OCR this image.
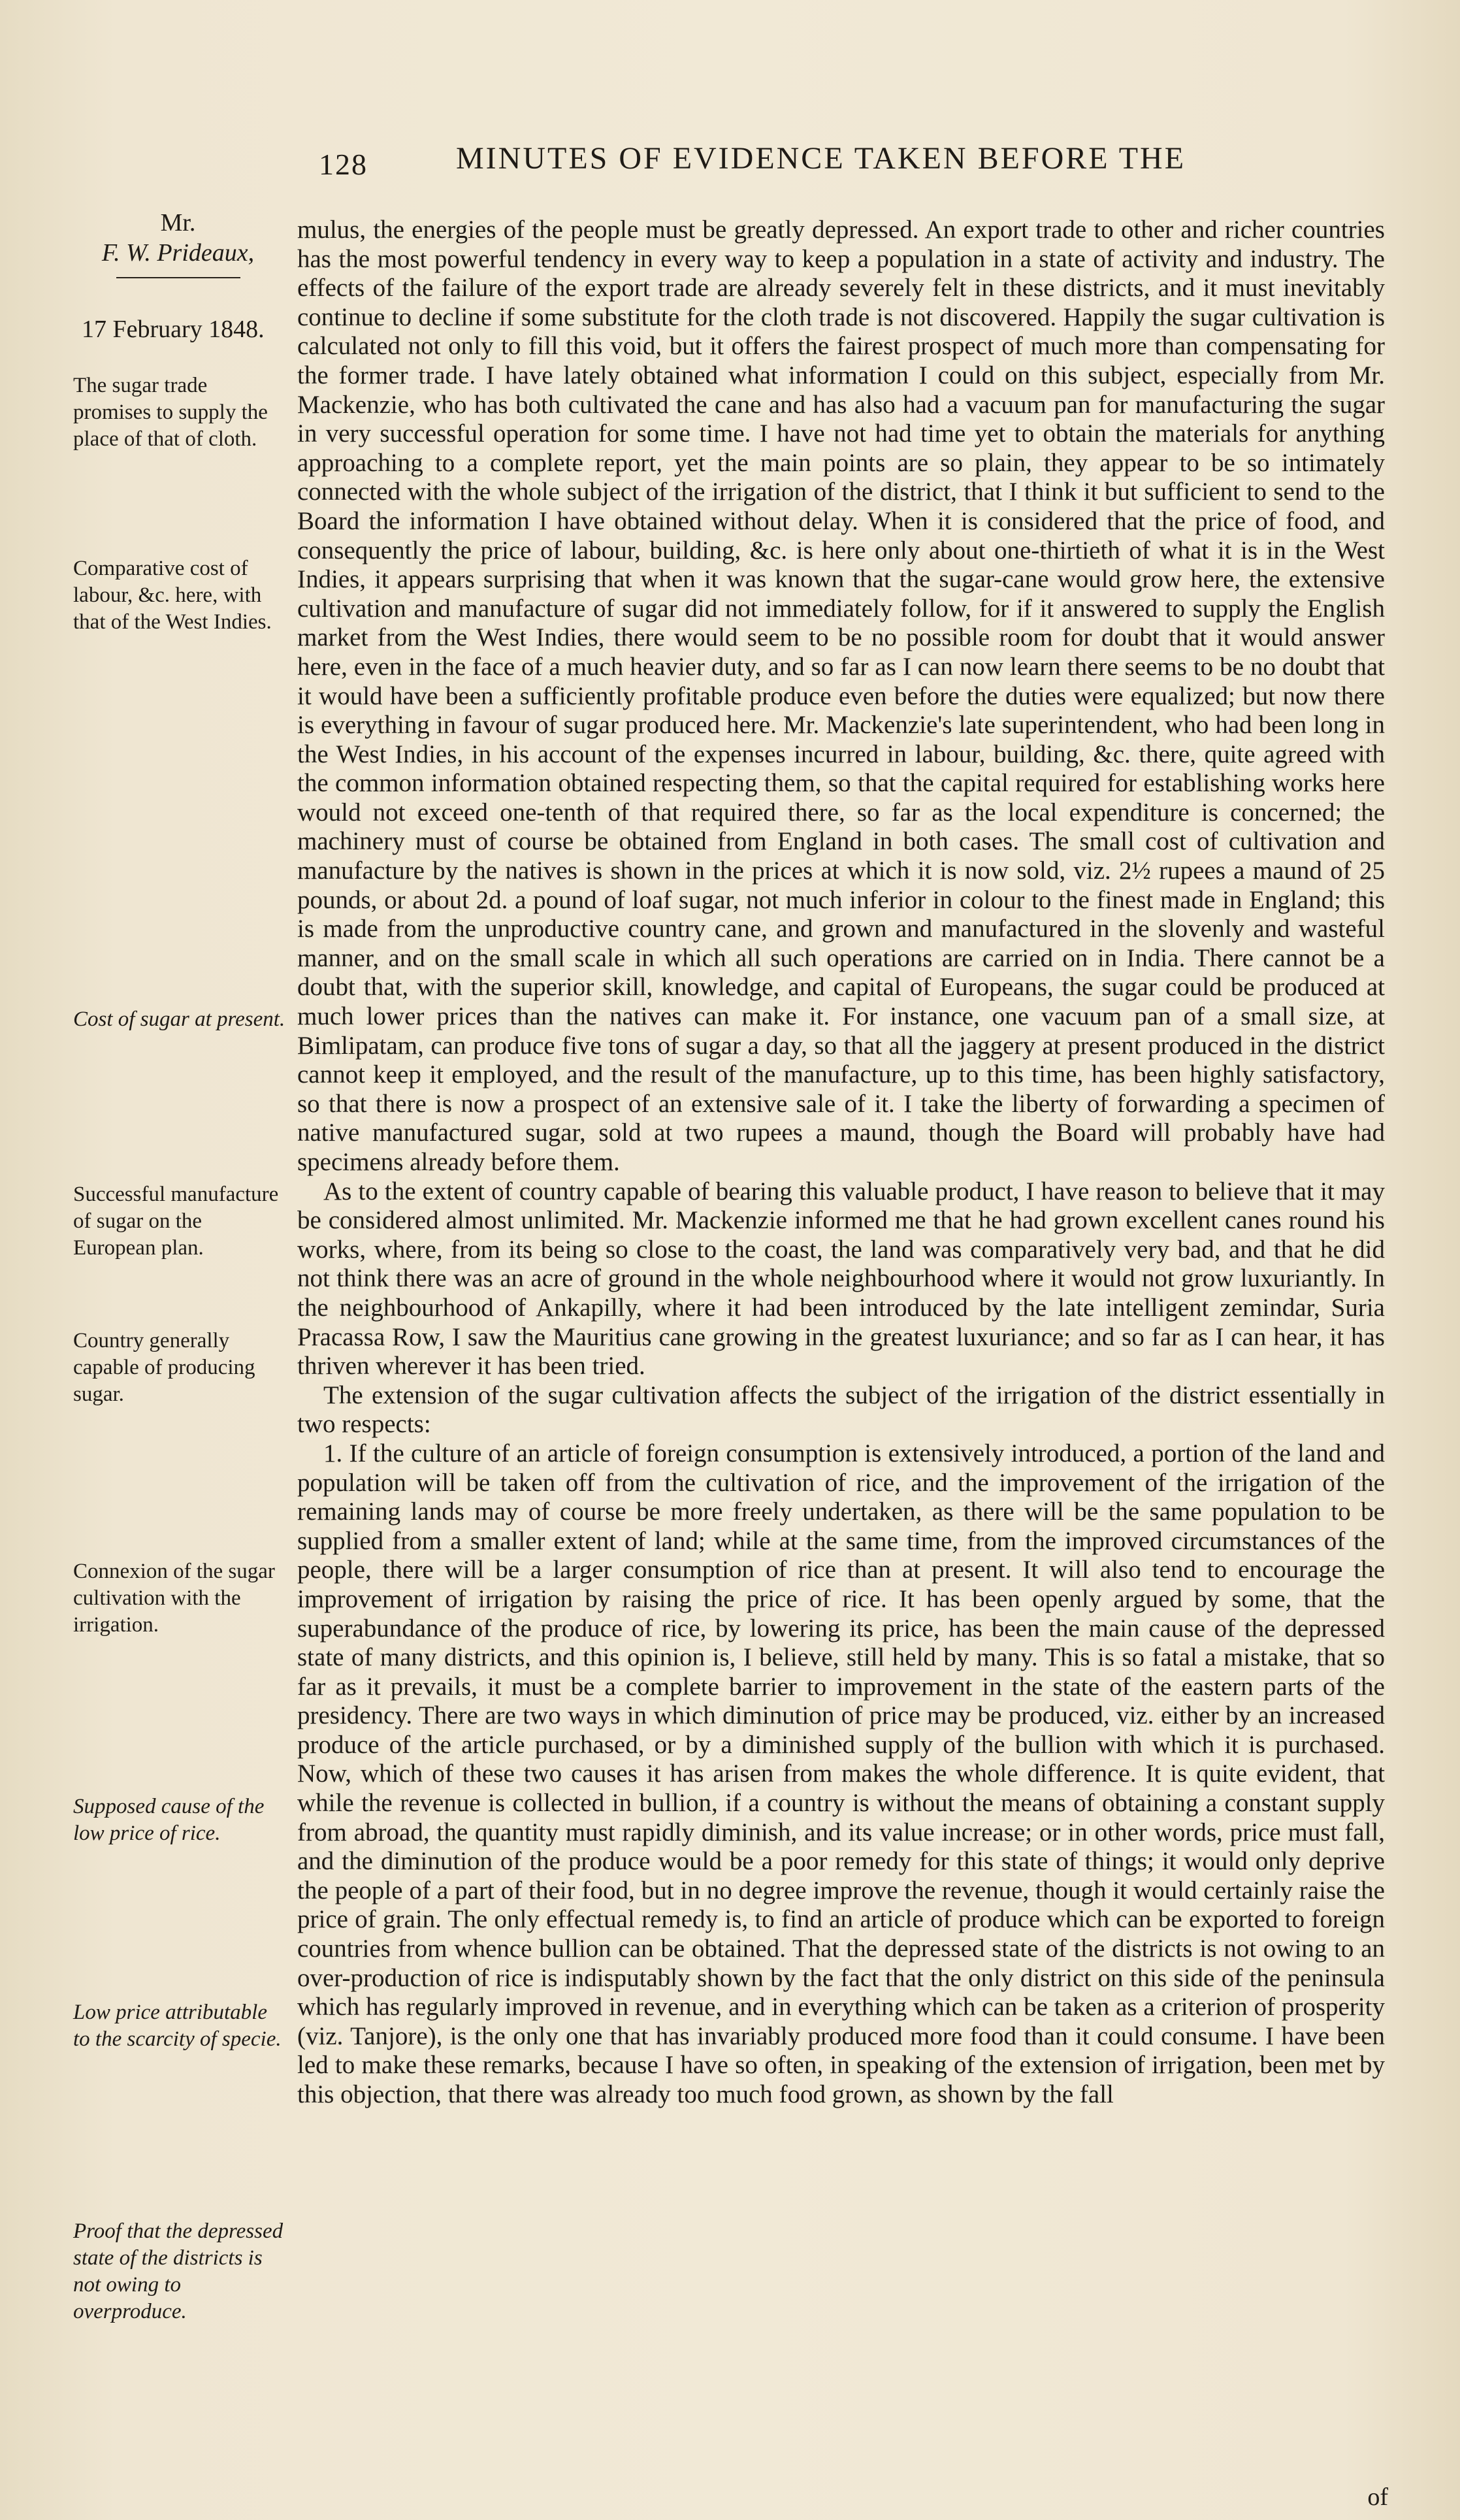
128	MINUTES OF EVIDENCE TAKEN BEFORE THE
Mr.
F. W. Prideaux,
17 February 1848.
The sugar trade promises to supply the place of that of cloth.
Comparative cost of labour, &c. here, with that of the West Indies.
Cost of sugar at present.
Successful manufacture of sugar on the European plan.
Country generally capable of producing sugar.
Connexion of the sugar cultivation with the irrigation.
Supposed cause of the low price of rice.
Low price attributable to the scarcity of specie.
Proof that the depressed state of the districts is not owing to overproduce.

mulus, the energies of the people must be greatly depressed. An export trade to other and richer countries has the most powerful tendency in every way to keep a population in a state of activity and industry. The effects of the failure of the export trade are already severely felt in these districts, and it must inevitably continue to decline if some substitute for the cloth trade is not discovered. Happily the sugar cultivation is calculated not only to fill this void, but it offers the fairest prospect of much more than compensating for the former trade. I have lately obtained what information I could on this subject, especially from Mr. Mackenzie, who has both cultivated the cane and has also had a vacuum pan for manufacturing the sugar in very successful operation for some time. I have not had time yet to obtain the materials for anything approaching to a complete report, yet the main points are so plain, they appear to be so intimately connected with the whole subject of the irrigation of the district, that I think it but sufficient to send to the Board the information I have obtained without delay. When it is considered that the price of food, and consequently the price of labour, building, &c. is here only about one-thirtieth of what it is in the West Indies, it appears surprising that when it was known that the sugar-cane would grow here, the extensive cultivation and manufacture of sugar did not immediately follow, for if it answered to supply the English market from the West Indies, there would seem to be no possible room for doubt that it would answer here, even in the face of a much heavier duty, and so far as I can now learn there seems to be no doubt that it would have been a sufficiently profitable produce even before the duties were equalized; but now there is everything in favour of sugar produced here. Mr. Mackenzie's late superintendent, who had been long in the West Indies, in his account of the expenses incurred in labour, building, &c. there, quite agreed with the common information obtained respecting them, so that the capital required for establishing works here would not exceed one-tenth of that required there, so far as the local expenditure is concerned; the machinery must of course be obtained from England in both cases. The small cost of cultivation and manufacture by the natives is shown in the prices at which it is now sold, viz. 2½ rupees a maund of 25 pounds, or about 2d. a pound of loaf sugar, not much inferior in colour to the finest made in England; this is made from the unproductive country cane, and grown and manufactured in the slovenly and wasteful manner, and on the small scale in which all such operations are carried on in India. There cannot be a doubt that, with the superior skill, knowledge, and capital of Europeans, the sugar could be produced at much lower prices than the natives can make it. For instance, one vacuum pan of a small size, at Bimlipatam, can produce five tons of sugar a day, so that all the jaggery at present produced in the district cannot keep it employed, and the result of the manufacture, up to this time, has been highly satisfactory, so that there is now a prospect of an extensive sale of it. I take the liberty of forwarding a specimen of native manufactured sugar, sold at two rupees a maund, though the Board will probably have had specimens already before them.

As to the extent of country capable of bearing this valuable product, I have reason to believe that it may be considered almost unlimited. Mr. Mackenzie informed me that he had grown excellent canes round his works, where, from its being so close to the coast, the land was comparatively very bad, and that he did not think there was an acre of ground in the whole neighbourhood where it would not grow luxuriantly. In the neighbourhood of Ankapilly, where it had been introduced by the late intelligent zemindar, Suria Pracassa Row, I saw the Mauritius cane growing in the greatest luxuriance; and so far as I can hear, it has thriven wherever it has been tried.

The extension of the sugar cultivation affects the subject of the irrigation of the district essentially in two respects:

1. If the culture of an article of foreign consumption is extensively introduced, a portion of the land and population will be taken off from the cultivation of rice, and the improvement of the irrigation of the remaining lands may of course be more freely undertaken, as there will be the same population to be supplied from a smaller extent of land; while at the same time, from the improved circumstances of the people, there will be a larger consumption of rice than at present. It will also tend to encourage the improvement of irrigation by raising the price of rice. It has been openly argued by some, that the superabundance of the produce of rice, by lowering its price, has been the main cause of the depressed state of many districts, and this opinion is, I believe, still held by many. This is so fatal a mistake, that so far as it prevails, it must be a complete barrier to improvement in the state of the eastern parts of the presidency. There are two ways in which diminution of price may be produced, viz. either by an increased produce of the article purchased, or by a diminished supply of the bullion with which it is purchased. Now, which of these two causes it has arisen from makes the whole difference. It is quite evident, that while the revenue is collected in bullion, if a country is without the means of obtaining a constant supply from abroad, the quantity must rapidly diminish, and its value increase; or in other words, price must fall, and the diminution of the produce would be a poor remedy for this state of things; it would only deprive the people of a part of their food, but in no degree improve the revenue, though it would certainly raise the price of grain. The only effectual remedy is, to find an article of produce which can be exported to foreign countries from whence bullion can be obtained. That the depressed state of the districts is not owing to an over-production of rice is indisputably shown by the fact that the only district on this side of the peninsula which has regularly improved in revenue, and in everything which can be taken as a criterion of prosperity (viz. Tanjore), is the only one that has invariably produced more food than it could consume. I have been led to make these remarks, because I have so often, in speaking of the extension of irrigation, been met by this objection, that there was already too much food grown, as shown by the fall

of
